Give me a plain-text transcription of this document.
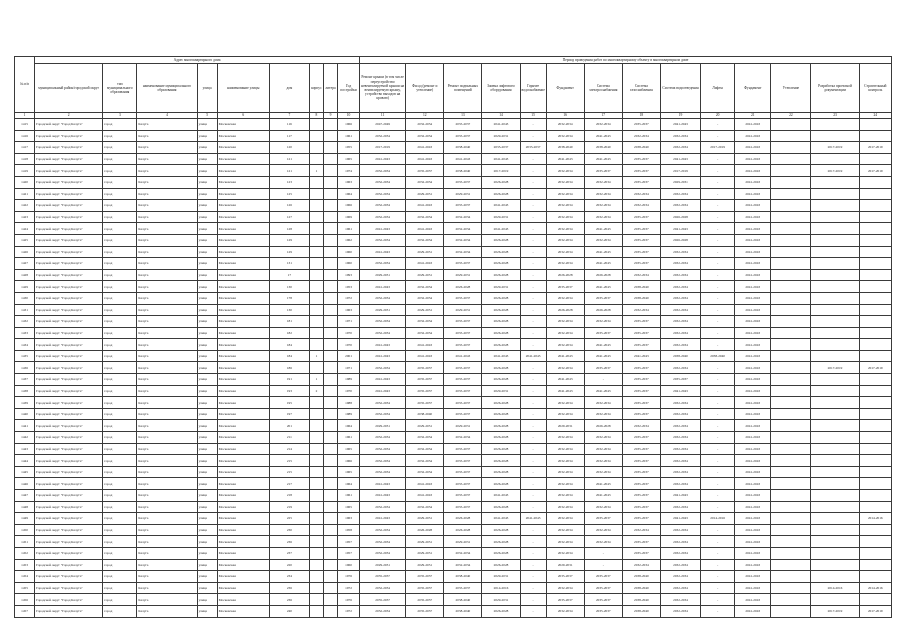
№ п/п	Адрес многоквартирного дома									Период проведения работ по многоквартирному объекту в многоквартирном доме													
	муниципальный район/городской округ	тип муниципального образования	наименование муниципального образования	улица	наименование улицы	дом	корпус	литера	Год постройки	Ремонт крыши (в том числе переустройство невентилируемой крыши на вентилируемую крышу, устройство выходов на кровлю)	Фасад (ремонт и утепление)	Ремонт подвальных помещений	Замена лифтового оборудования	Горячее водоснабжение	Фундамент	Система электроснабжения	Система газоснабжения	Система водоотведения	Лифты	Фундамент	Утепление	Разработка проектной документации	Строительный контроль
1	2	3	4	5	6	7	8	9	10	11	12	13	14	15	16	17	18	19	20	21	22	23	24
1415	Городской округ "Город Калуга"	город	Калуга	улица	Московская	116			1966	2047-2049	2032-2034	2035-2037	2041-2043	-	2032-2034	2032-2034	2035-2037	2041-2043	-	2041-2043			
1416	Городской округ "Город Калуга"	город	Калуга	улица	Московская	117			1961	2032-2034	2032-2034	2035-2037	2029-2031	-	2032-2034	2041-2043	2032-2034	2032-2034	-	2041-2043			
1417	Городской округ "Город Калуга"	город	Калуга	улица	Московская	120			1955	2017-2019	2041-2043	2038-2040	2035-2037	2035-2037	2038-2040	2038-2040	2038-2040	2032-2034	2017-2019	2041-2043		2017-2019	2017-2019
1418	Городской округ "Город Калуга"	город	Калуга	улица	Московская	121			1965	2041-2043	2041-2043	2041-2043	2041-2043	-	2041-2043	2041-2043	2035-2037	2041-2043	-	2041-2043			
1419	Городской округ "Город Калуга"	город	Калуга	улица	Московская	121	1		1974	2032-2034	2035-2037	2038-2040	2017-2019	-	2032-2034	2035-2037	2035-2037	2017-2019	-	2041-2043		2017-2019	2017-2019
1420	Городской округ "Город Калуга"	город	Калуга	улица	Московская	123			1963	2032-2034	2032-2034	2035-2037	2026-2028	-	2032-2034	2032-2034	2035-2037	2029-2031	-	2041-2043			
1421	Городской округ "Город Калуга"	город	Калуга	улица	Московская	125			1964	2032-2034	2029-2031	2029-2031	2026-2028	-	2032-2034	2032-2034	2032-2034	2032-2034	-	2041-2043			
1422	Городской округ "Город Калуга"	город	Калуга	улица	Московская	126			1966	2032-2034	2041-2043	2035-2037	2041-2043	-	2032-2034	2032-2034	2032-2034	2032-2034	-	2041-2043			
1423	Городской округ "Город Калуга"	город	Калуга	улица	Московская	127			1969	2032-2034	2032-2034	2032-2034	2029-2031	-	2032-2034	2032-2034	2035-2037	2026-2028	-	2041-2043			
1424	Городской округ "Город Калуга"	город	Калуга	улица	Московская	128			1961	2041-2043	2041-2043	2032-2034	2041-2043	-	2032-2034	2041-2043	2035-2037	2041-2043	-	2041-2043			
1425	Городской округ "Город Калуга"	город	Калуга	улица	Московская	129			1962	2032-2034	2032-2034	2032-2034	2026-2028	-	2032-2034	2032-2034	2035-2037	2026-2028	-	2041-2043			
1426	Городской округ "Город Калуга"	город	Калуга	улица	Московская	129			1960	2041-2043	2029-2031	2032-2034	2026-2028	-	2032-2034	2041-2043	2035-2037	2032-2034	-	2041-2043			
1427	Городской округ "Город Калуга"	город	Калуга	улица	Московская	131			1960	2032-2034	2041-2043	2035-2037	2026-2028	-	2032-2034	2041-2043	2035-2037	2032-2034	-	2041-2043			
1428	Городской округ "Город Калуга"	город	Калуга	улица	Московская	17			1993	2029-2031	2029-2031	2029-2031	2026-2028	-	2026-2028	2026-2028	2032-2034	2032-2034	-	2041-2043			
1429	Городской округ "Город Калуга"	город	Калуга	улица	Московская	130			1953	2041-2043	2032-2034	2026-2028	2029-2031	-	2035-2037	2041-2043	2038-2040	2032-2034	-	2041-2043			
1430	Городской округ "Город Калуга"	город	Калуга	улица	Московская	178			1972	2032-2034	2032-2034	2035-2037	2026-2028	-	2032-2034	2035-2037	2038-2040	2032-2034	-	2041-2043			
1431	Городской округ "Город Калуга"	город	Калуга	улица	Московская	130			1963	2029-2031	2029-2031	2029-2031	2026-2028	-	2026-2028	2026-2028	2032-2034	2032-2034	-	2041-2043			
1432	Городской округ "Город Калуга"	город	Калуга	улица	Московская	181			1971	2032-2034	2032-2034	2035-2037	2026-2028	-	2032-2034	2032-2034	2035-2037	2032-2034	-	2041-2043			
1433	Городской округ "Город Калуга"	город	Калуга	улица	Московская	182			1970	2032-2034	2032-2034	2035-2037	2026-2028	-	2032-2034	2035-2037	2035-2037	2032-2034	-	2041-2043			
1434	Городской округ "Город Калуга"	город	Калуга	улица	Московская	184			1970	2041-2043	2041-2043	2035-2037	2026-2028	-	2032-2034	2041-2043	2035-2037	2032-2034	-	2041-2043			
1435	Городской округ "Город Калуга"	город	Калуга	улица	Московская	184	1		2001	2041-2043	2041-2043	2041-2043	2041-2043	2041-2043	2041-2043	2041-2043	2041-2043	2038-2040	2038-2040	2041-2043			
1436	Городской округ "Город Калуга"	город	Калуга	улица	Московская	186			1971	2032-2034	2035-2037	2035-2037	2026-2028	-	2032-2034	2035-2037	2035-2037	2032-2034	-	2041-2043		2017-2019	2017-2019
1437	Городской округ "Город Калуга"	город	Калуга	улица	Московская	191	1		1989	2041-2043	2035-2037	2035-2037	2026-2028	-	2041-2043	-	2035-2037	2035-2037	-	2041-2043			
1438	Городской округ "Город Калуга"	город	Калуга	улица	Московская	193	2		1970	2041-2043	2035-2037	2035-2037	2029-2031	-	2041-2043	2041-2043	2035-2037	2041-2043	-	2041-2043			
1439	Городской округ "Город Калуга"	город	Калуга	улица	Московская	195			1988	2032-2034	2035-2037	2035-2037	2026-2028	-	2032-2034	2032-2034	2035-2037	2032-2034	-	2041-2043			
1440	Городской округ "Город Калуга"	город	Калуга	улица	Московская	197			1989	2032-2034	2038-2040	2035-2037	2026-2028	-	2032-2034	2032-2034	2035-2037	2032-2034	-	2041-2043			
1441	Городской округ "Город Калуга"	город	Калуга	улица	Московская	201			1964	2029-2031	2029-2031	2029-2031	2026-2028	-	2029-2031	2026-2028	2032-2034	2032-2034	-	2041-2043			
1442	Городской округ "Город Калуга"	город	Калуга	улица	Московская	211			1961	2032-2034	2032-2034	2032-2034	2026-2028	-	2032-2034	2032-2034	2035-2037	2032-2034	-	2041-2043			
1443	Городской округ "Город Калуга"	город	Калуга	улица	Московская	214			1965	2032-2034	2032-2034	2035-2037	2026-2028	-	2032-2034	2032-2034	2035-2037	2032-2034	-	2041-2043			
1444	Городской округ "Город Калуга"	город	Калуга	улица	Московская	215			1966	2032-2034	2032-2034	2035-2037	2026-2028	-	2032-2034	2032-2034	2035-2037	2032-2034	-	2041-2043			
1445	Городской округ "Город Калуга"	город	Калуга	улица	Московская	215			1965	2032-2034	2032-2034	2035-2037	2026-2028	-	2032-2034	2032-2034	2035-2037	2032-2034	-	2041-2043			
1446	Городской округ "Город Калуга"	город	Калуга	улица	Московская	217			1964	2041-2043	2041-2043	2035-2037	2026-2028	-	2032-2034	2041-2043	2035-2037	2032-2034	-	2041-2043			
1447	Городской округ "Город Калуга"	город	Калуга	улица	Московская	218			1961	2041-2043	2041-2043	2035-2037	2041-2043	-	2032-2034	2041-2043	2035-2037	2041-2043	-	2041-2043			
1448	Городской округ "Город Калуга"	город	Калуга	улица	Московская	219			1965	2032-2034	2032-2034	2035-2037	2026-2028	-	2032-2034	2032-2034	2035-2037	2032-2034	-	2041-2043			
1449	Городской округ "Город Калуга"	город	Калуга	улица	Московская	225			1963	2041-2043	2029-2031	2026-2028	2041-2043	2041-2043	2032-2034	2035-2037	2035-2037	2041-2043	2014-2016	2041-2043			2014-2016
1450	Городской округ "Город Калуга"	город	Калуга	улица	Московская	230			1958	2032-2034	2026-2028	2026-2028	2026-2028	-	2032-2034	2032-2034	2032-2034	2032-2034	-	2041-2043			
1451	Городской округ "Город Калуга"	город	Калуга	улица	Московская	236			1957	2032-2034	2029-2031	2029-2031	2026-2028	-	2032-2034	2032-2034	2035-2037	2032-2034	-	2041-2043			
1452	Городской округ "Город Калуга"	город	Калуга	улица	Московская	237			1957	2032-2034	2029-2031	2032-2034	2026-2028	-	2032-2034	-	2035-2037	2032-2034	-	2041-2043			
1453	Городской округ "Город Калуга"	город	Калуга	улица	Московская	220			1960	2029-2031	2029-2031	2032-2034	2026-2028	-	2029-2031	-	2032-2034	2032-2034	-	2041-2043			
1454	Городской округ "Город Калуга"	город	Калуга	улица	Московская	234			1976	2035-2037	2035-2037	2038-2040	2029-2031	-	2035-2037	2035-2037	2038-2040	2032-2034	-	2041-2043			
1455	Городской округ "Город Калуга"	город	Калуга	улица	Московская	236			1972	2032-2034	2035-2037	2035-2037	2014-2016	-	2032-2034	2035-2037	2038-2040	2032-2034	-	2041-2043		2014-2016	2014-2016
1456	Городской округ "Город Калуга"	город	Калуга	улица	Московская	236			1976	2035-2037	2035-2037	2038-2040	2029-2031	-	2035-2037	2035-2037	2038-2040	2032-2034	-	2041-2043			
1457	Городской округ "Город Калуга"	город	Калуга	улица	Московская	240			1972	2032-2034	2035-2037	2038-2040	2026-2028	-	2032-2034	2035-2037	2038-2040	2032-2034	-	2041-2043		2017-2019	2017-2019
